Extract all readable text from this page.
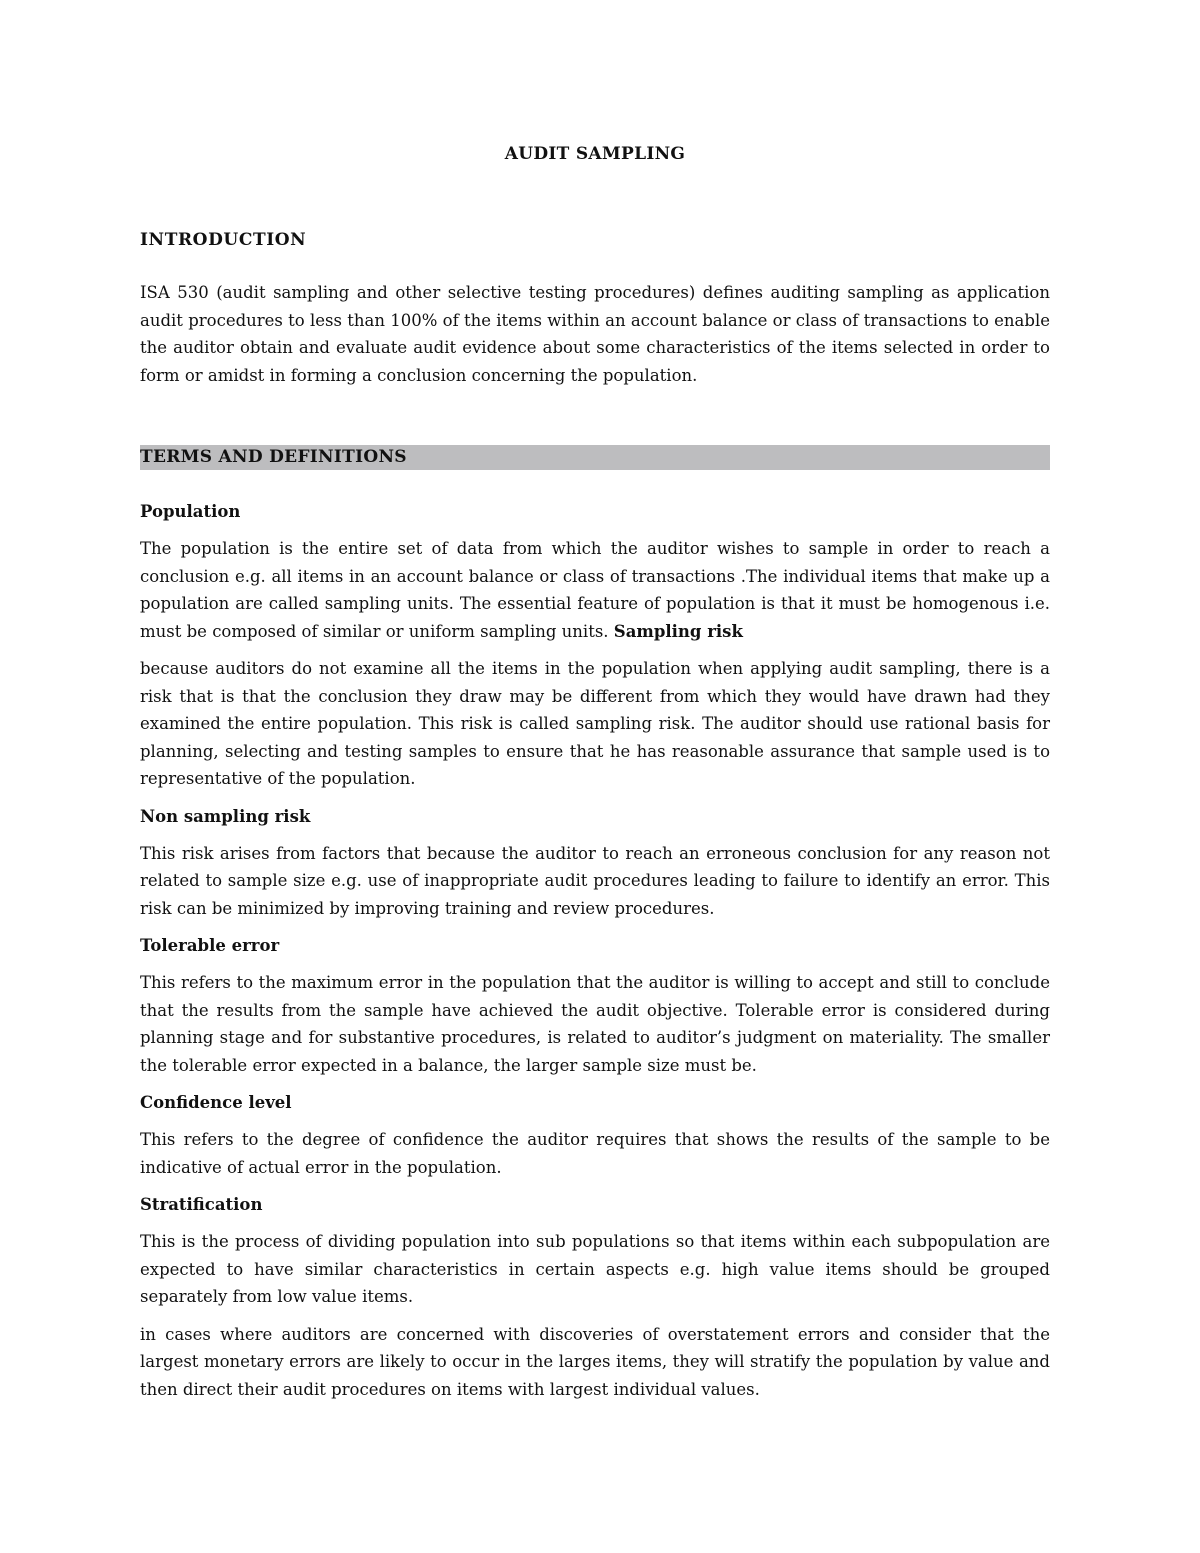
AUDIT SAMPLING
INTRODUCTION

ISA 530 (audit sampling and other selective testing procedures) defines auditing sampling as application audit procedures to less than 100% of the items within an account balance or class of transactions to enable the auditor obtain and evaluate audit evidence about some characteristics of the items selected in order to form or amidst in forming a conclusion concerning the population.

TERMS AND DEFINITIONS
Population

The population is the entire set of data from which the auditor wishes to sample in order to reach a conclusion e.g. all items in an account balance or class of transactions .The individual items that make up a population are called sampling units. The essential feature of population is that it must be homogenous i.e. must be composed of similar or uniform sampling units. Sampling risk

because auditors do not examine all the items in the population when applying audit sampling, there is a risk that is that the conclusion they draw may be different from which they would have drawn had they examined the entire population. This risk is called sampling risk. The auditor should use rational basis for planning, selecting and testing samples to ensure that he has reasonable assurance that sample used is to representative of the population.

Non sampling risk

This risk arises from factors that because the auditor to reach an erroneous conclusion for any reason not related to sample size e.g. use of inappropriate audit procedures leading to failure to identify an error. This risk can be minimized by improving training and review procedures.

Tolerable error

This refers to the maximum error in the population that the auditor is willing to accept and still to conclude that the results from the sample have achieved the audit objective. Tolerable error is considered during planning stage and for substantive procedures, is related to auditor’s judgment on materiality. The smaller the tolerable error expected in a balance, the larger sample size must be.

Confidence level

This refers to the degree of confidence the auditor requires that shows the results of the sample to be indicative of actual error in the population.

Stratification

This is the process of dividing population into sub populations so that items within each subpopulation are expected to have similar characteristics in certain aspects e.g. high value items should be grouped separately from low value items.

in cases where auditors are concerned with discoveries of overstatement errors and consider that the largest monetary errors are likely to occur in the larges items, they will stratify the population by value and then direct their audit procedures on items with largest individual values.
